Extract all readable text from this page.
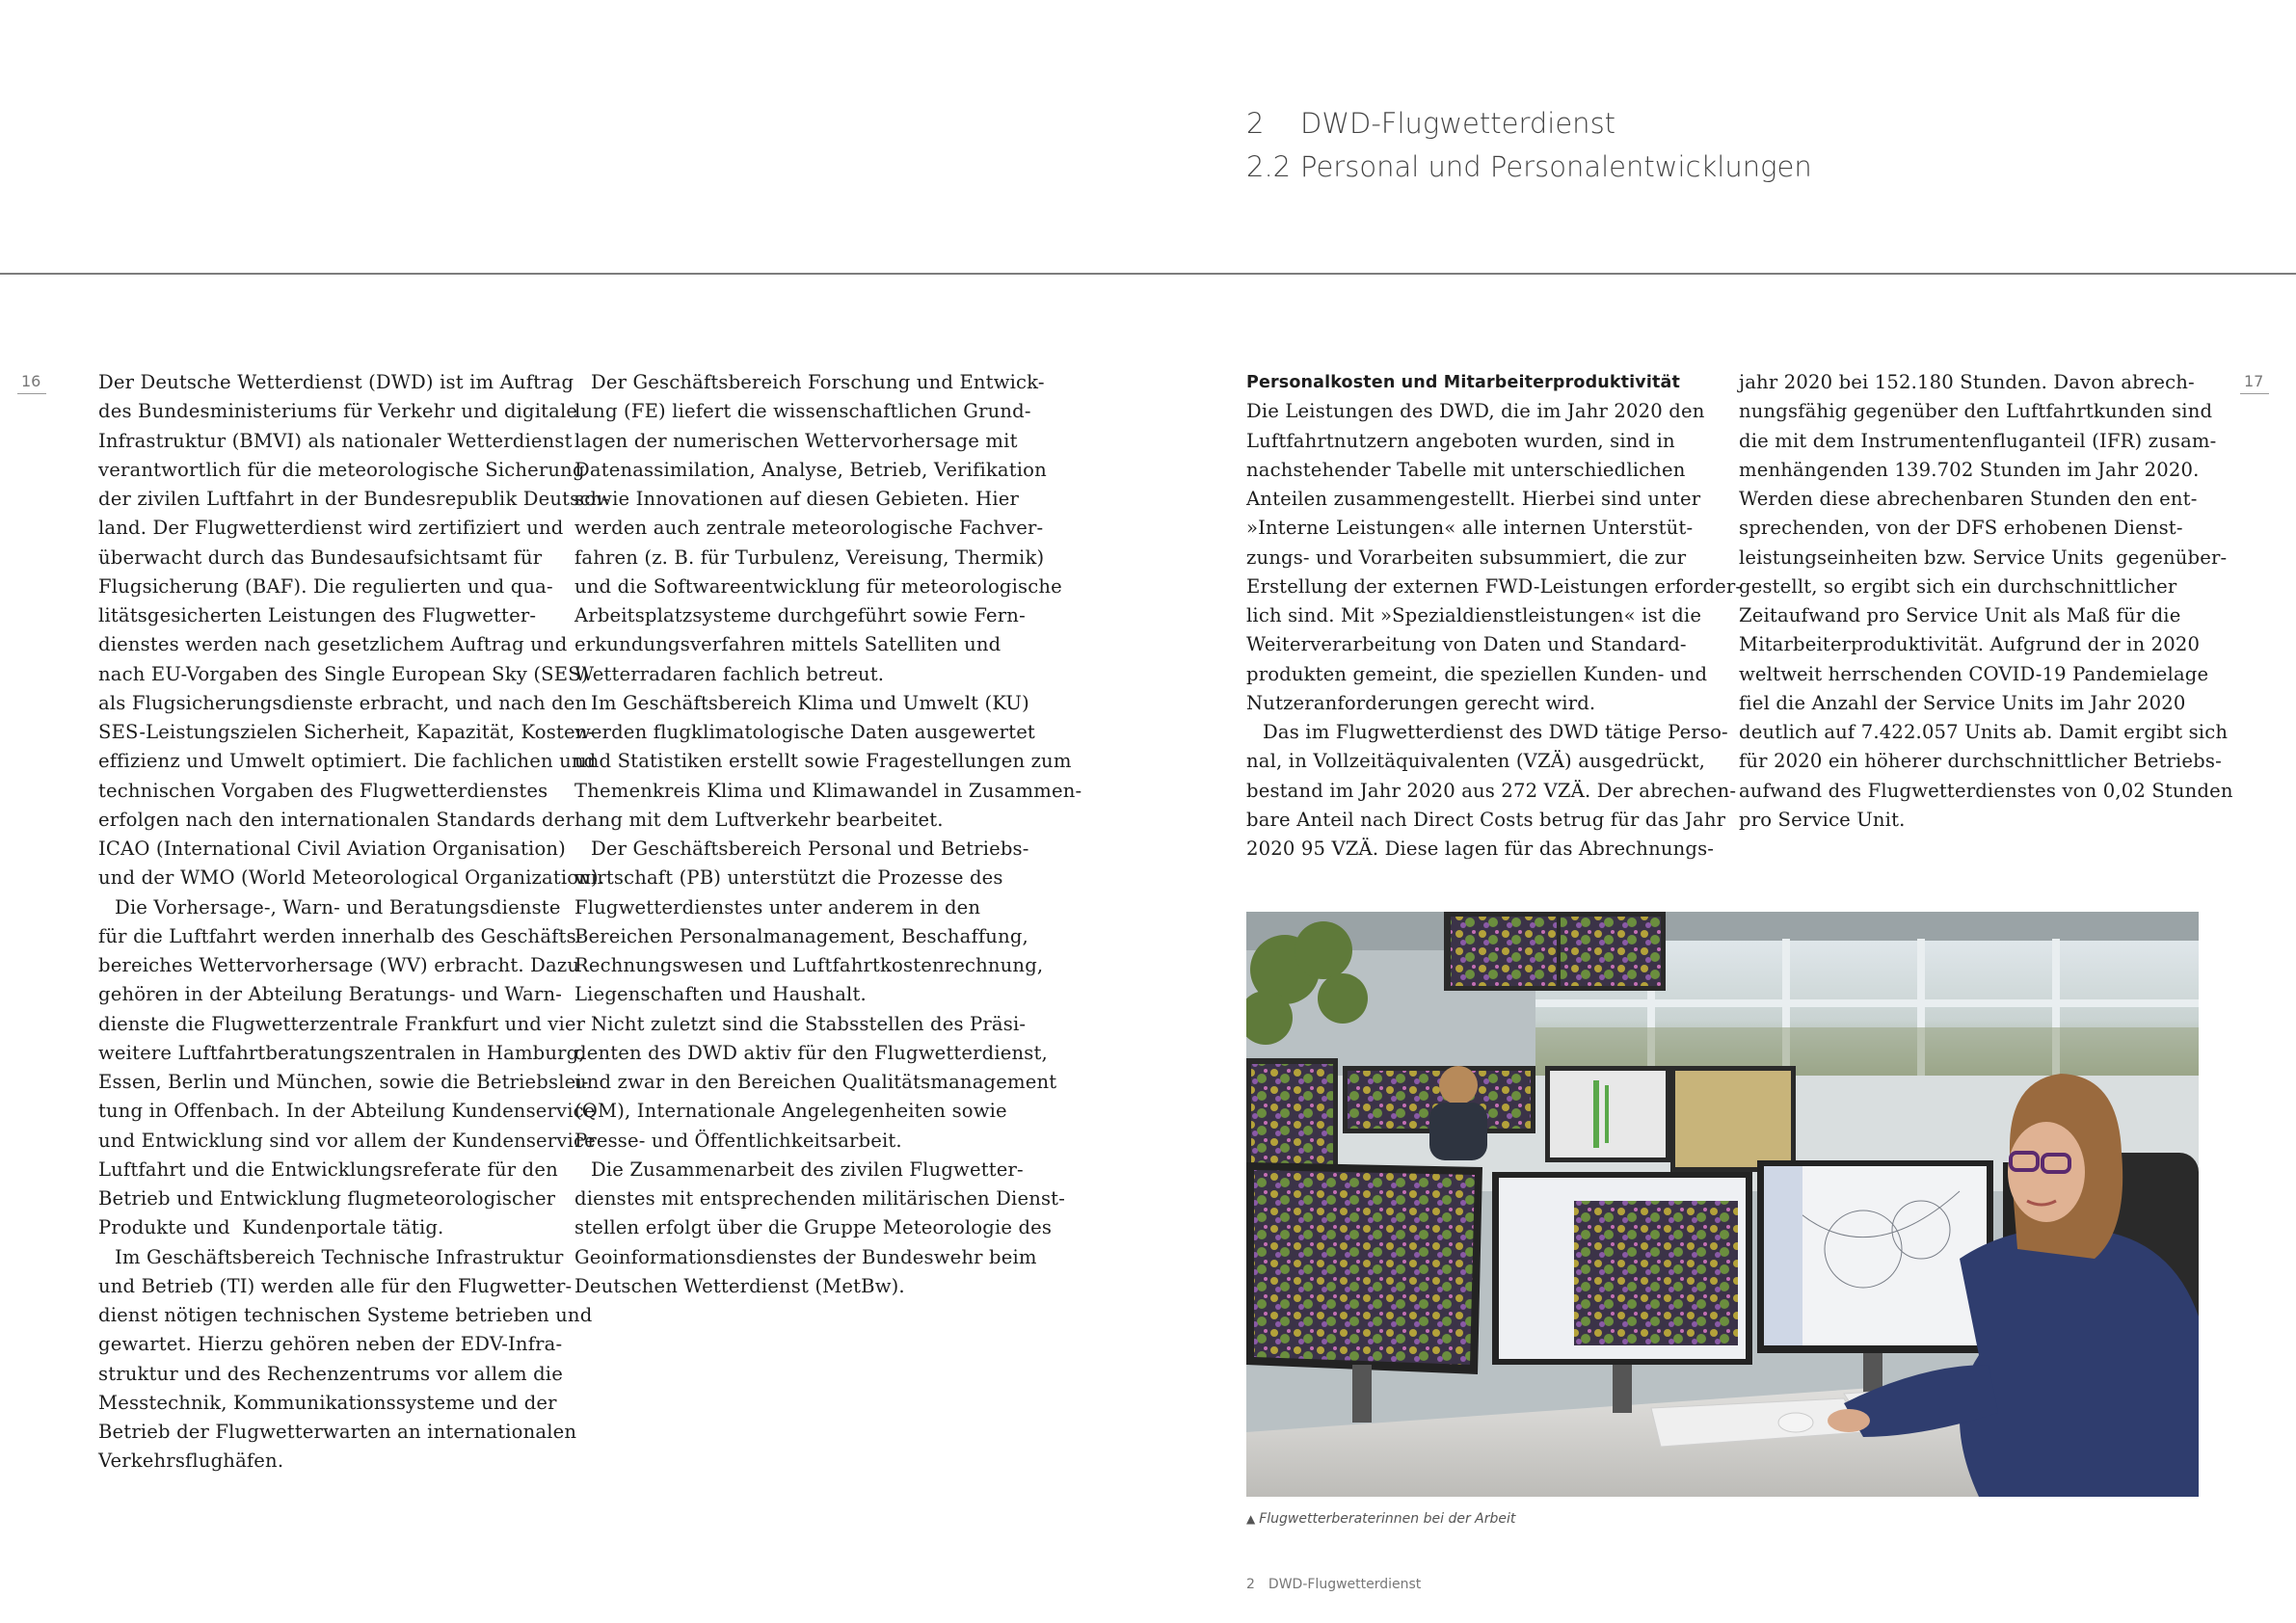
2 DWD-Flugwetterdienst
2.2 Personal und Personalentwicklungen
16	17

Der Deutsche Wetterdienst (DWD) ist im Auftrag

des Bundesministeriums für Verkehr und digitale

Infrastruktur (BMVI) als nationaler Wetterdienst

verantwortlich für die meteorologische Sicherung

der zivilen Luftfahrt in der Bundesrepublik Deutsch-

land. Der Flugwetterdienst wird zertifiziert und

überwacht durch das Bundesaufsichtsamt für

Flugsicherung (BAF). Die regulierten und qua-

litätsgesicherten Leistungen des Flugwetter-

dienstes werden nach gesetzlichem Auftrag und

nach EU-Vorgaben des Single European Sky (SES)

als Flugsicherungsdienste erbracht, und nach den

SES-Leistungszielen Sicherheit, Kapazität, Kosten-

effizienz und Umwelt optimiert. Die fachlichen und

technischen Vorgaben des Flugwetterdienstes

erfolgen nach den internationalen Standards der

ICAO (International Civil Aviation Organisation)

und der WMO (World Meteorological Organization).

Die Vorhersage-, Warn- und Beratungsdienste

für die Luftfahrt werden innerhalb des Geschäfts-

bereiches Wettervorhersage (WV) erbracht. Dazu

gehören in der Abteilung Beratungs- und Warn-

dienste die Flugwetterzentrale Frankfurt und vier

weitere Luftfahrtberatungszentralen in Hamburg,

Essen, Berlin und München, sowie die Betriebslei-

tung in Offenbach. In der Abteilung Kundenservice

und Entwicklung sind vor allem der Kundenservice

Luftfahrt und die Entwicklungsreferate für den

Betrieb und Entwicklung flugmeteorologischer

Produkte und  Kundenportale tätig.

Im Geschäftsbereich Technische Infrastruktur

und Betrieb (TI) werden alle für den Flugwetter-

dienst nötigen technischen Systeme betrieben und

gewartet. Hierzu gehören neben der EDV-Infra-

struktur und des Rechenzentrums vor allem die

Messtechnik, Kommunikationssysteme und der

Betrieb der Flugwetterwarten an internationalen

Verkehrsflughäfen.

Der Geschäftsbereich Forschung und Entwick-

lung (FE) liefert die wissenschaftlichen Grund-

lagen der numerischen Wettervorhersage mit

Datenassimilation, Analyse, Betrieb, Verifikation

sowie Innovationen auf diesen Gebieten. Hier

werden auch zentrale meteorologische Fachver-

fahren (z. B. für Turbulenz, Vereisung, Thermik)

und die Softwareentwicklung für meteorologische

Arbeitsplatzsysteme durchgeführt sowie Fern-

erkundungsverfahren mittels Satelliten und

Wetterradaren fachlich betreut.

Im Geschäftsbereich Klima und Umwelt (KU)

werden flugklimatologische Daten ausgewertet

und Statistiken erstellt sowie Fragestellungen zum

Themenkreis Klima und Klimawandel in Zusammen-

hang mit dem Luftverkehr bearbeitet.

Der Geschäftsbereich Personal und Betriebs-

wirtschaft (PB) unterstützt die Prozesse des

Flugwetterdienstes unter anderem in den

Bereichen Personalmanagement, Beschaffung,

Rechnungswesen und Luftfahrtkostenrechnung,

Liegenschaften und Haushalt.

Nicht zuletzt sind die Stabsstellen des Präsi-

denten des DWD aktiv für den Flugwetterdienst,

und zwar in den Bereichen Qualitätsmanagement

(QM), Internationale Angelegenheiten sowie

Presse- und Öffentlichkeitsarbeit.

Die Zusammenarbeit des zivilen Flugwetter-

dienstes mit entsprechenden militärischen Dienst-

stellen erfolgt über die Gruppe Meteorologie des

Geoinformationsdienstes der Bundeswehr beim

Deutschen Wetterdienst (MetBw).

Personalkosten und Mitarbeiterproduktivität

Die Leistungen des DWD, die im Jahr 2020 den

Luftfahrtnutzern angeboten wurden, sind in

nachstehender Tabelle mit unterschiedlichen

Anteilen zusammengestellt. Hierbei sind unter

»Interne Leistungen« alle internen Unterstüt-

zungs- und Vorarbeiten subsummiert, die zur

Erstellung der externen FWD-Leistungen erforder-

lich sind. Mit »Spezialdienstleistungen« ist die

Weiterverarbeitung von Daten und Standard-

produkten gemeint, die speziellen Kunden- und

Nutzeranforderungen gerecht wird.

Das im Flugwetterdienst des DWD tätige Perso-

nal, in Vollzeitäquivalenten (VZÄ) ausgedrückt,

bestand im Jahr 2020 aus 272 VZÄ. Der abrechen-

bare Anteil nach Direct Costs betrug für das Jahr

2020 95 VZÄ. Diese lagen für das Abrechnungs-

jahr 2020 bei 152.180 Stunden. Davon abrech-

nungsfähig gegenüber den Luftfahrtkunden sind

die mit dem Instrumentenfluganteil (IFR) zusam-

menhängenden 139.702 Stunden im Jahr 2020.

Werden diese abrechenbaren Stunden den ent-

sprechenden, von der DFS erhobenen Dienst-

leistungseinheiten bzw. Service Units  gegenüber-

gestellt, so ergibt sich ein durchschnittlicher

Zeitaufwand pro Service Unit als Maß für die

Mitarbeiterproduktivität. Aufgrund der in 2020

weltweit herrschenden COVID-19 Pandemielage

fiel die Anzahl der Service Units im Jahr 2020

deutlich auf 7.422.057 Units ab. Damit ergibt sich

für 2020 ein höherer durchschnittlicher Betriebs-

aufwand des Flugwetterdienstes von 0,02 Stunden

pro Service Unit.

▲ Flugwetterberaterinnen bei der Arbeit
2 DWD-Flugwetterdienst
